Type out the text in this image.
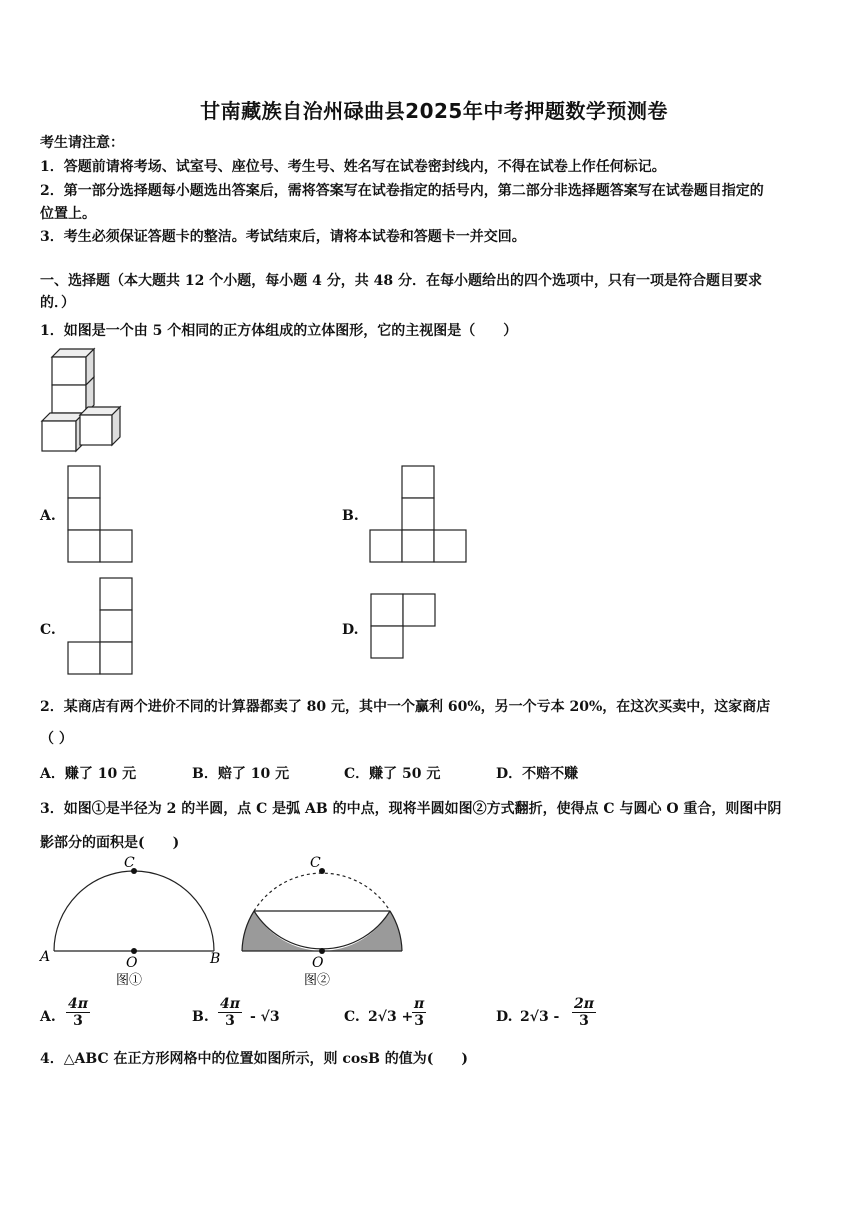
甘南藏族自治州碌曲县2025年中考押题数学预测卷
考生请注意：
1．答题前请将考场、试室号、座位号、考生号、姓名写在试卷密封线内，不得在试卷上作任何标记。
2．第一部分选择题每小题选出答案后，需将答案写在试卷指定的括号内，第二部分非选择题答案写在试卷题目指定的
位置上。
3．考生必须保证答题卡的整洁。考试结束后，请将本试卷和答题卡一并交回。
一、选择题（本大题共 12 个小题，每小题 4 分，共 48 分．在每小题给出的四个选项中，只有一项是符合题目要求
的．）
1．如图是一个由 5 个相同的正方体组成的立体图形，它的主视图是（　　）
A.	B.
C.	D.
2．某商店有两个进价不同的计算器都卖了 80 元，其中一个赢利 60%，另一个亏本 20%，在这次买卖中，这家商店
（ ）
A．赚了 10 元	B．赔了 10 元	C．赚了 50 元	D．不赔不赚
3．如图①是半径为 2 的半圆，点 C 是弧 AB 的中点，现将半圆如图②方式翻折，使得点 C 与圆心 O 重合，则图中阴
影部分的面积是(　　)
C
A	B
O
图①
C
O
图②
A. $\frac{4\pi}{3}$	B. $\frac{4\pi}{3} - √3$	C. 2√3 +
$\frac{\pi}{3}$	D. $2√3 - \frac{2\pi}{3}$
4．△ABC 在正方形网格中的位置如图所示，则 cosB 的值为(　　)
